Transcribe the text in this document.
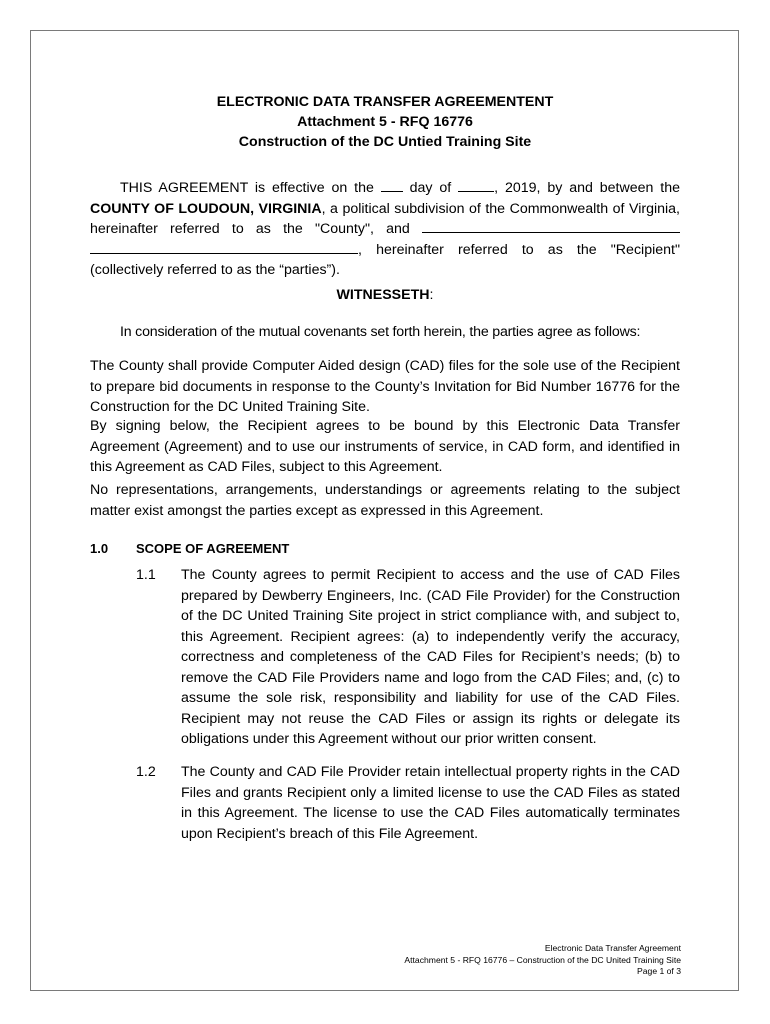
ELECTRONIC DATA TRANSFER AGREEMENTENT
Attachment 5 - RFQ 16776
Construction of the DC Untied Training Site
THIS AGREEMENT is effective on the  day of	, 2019, by and between the COUNTY OF LOUDOUN, VIRGINIA, a political subdivision of the Commonwealth of Virginia, hereinafter referred to as the "County", and  , hereinafter referred to as the "Recipient" (collectively referred to as the “parties”).
WITNESSETH:
In consideration of the mutual covenants set forth herein, the parties agree as follows:
The County shall provide Computer Aided design (CAD) files for the sole use of the Recipient to prepare bid documents in response to the County’s Invitation for Bid Number 16776 for the Construction for the DC United Training Site.
By signing below, the Recipient agrees to be bound by this Electronic Data Transfer Agreement (Agreement) and to use our instruments of service, in CAD form, and identified in this Agreement as CAD Files, subject to this Agreement.
No representations, arrangements, understandings or agreements relating to the subject matter exist amongst the parties except as expressed in this Agreement.
1.0 SCOPE OF AGREEMENT
1.1 The County agrees to permit Recipient to access and the use of CAD Files prepared by Dewberry Engineers, Inc. (CAD File Provider) for the Construction of the DC United Training Site project in strict compliance with, and subject to, this Agreement. Recipient agrees: (a) to independently verify the accuracy, correctness and completeness of the CAD Files for Recipient’s needs; (b) to remove the CAD File Providers name and logo from the CAD Files; and, (c) to assume the sole risk, responsibility and liability for use of the CAD Files. Recipient may not reuse the CAD Files or assign its rights or delegate its obligations under this Agreement without our prior written consent.
1.2 The County and CAD File Provider retain intellectual property rights in the CAD Files and grants Recipient only a limited license to use the CAD Files as stated in this Agreement. The license to use the CAD Files automatically terminates upon Recipient’s breach of this File Agreement.
Electronic Data Transfer Agreement
Attachment 5 - RFQ 16776 – Construction of the DC United Training Site
Page 1 of 3
